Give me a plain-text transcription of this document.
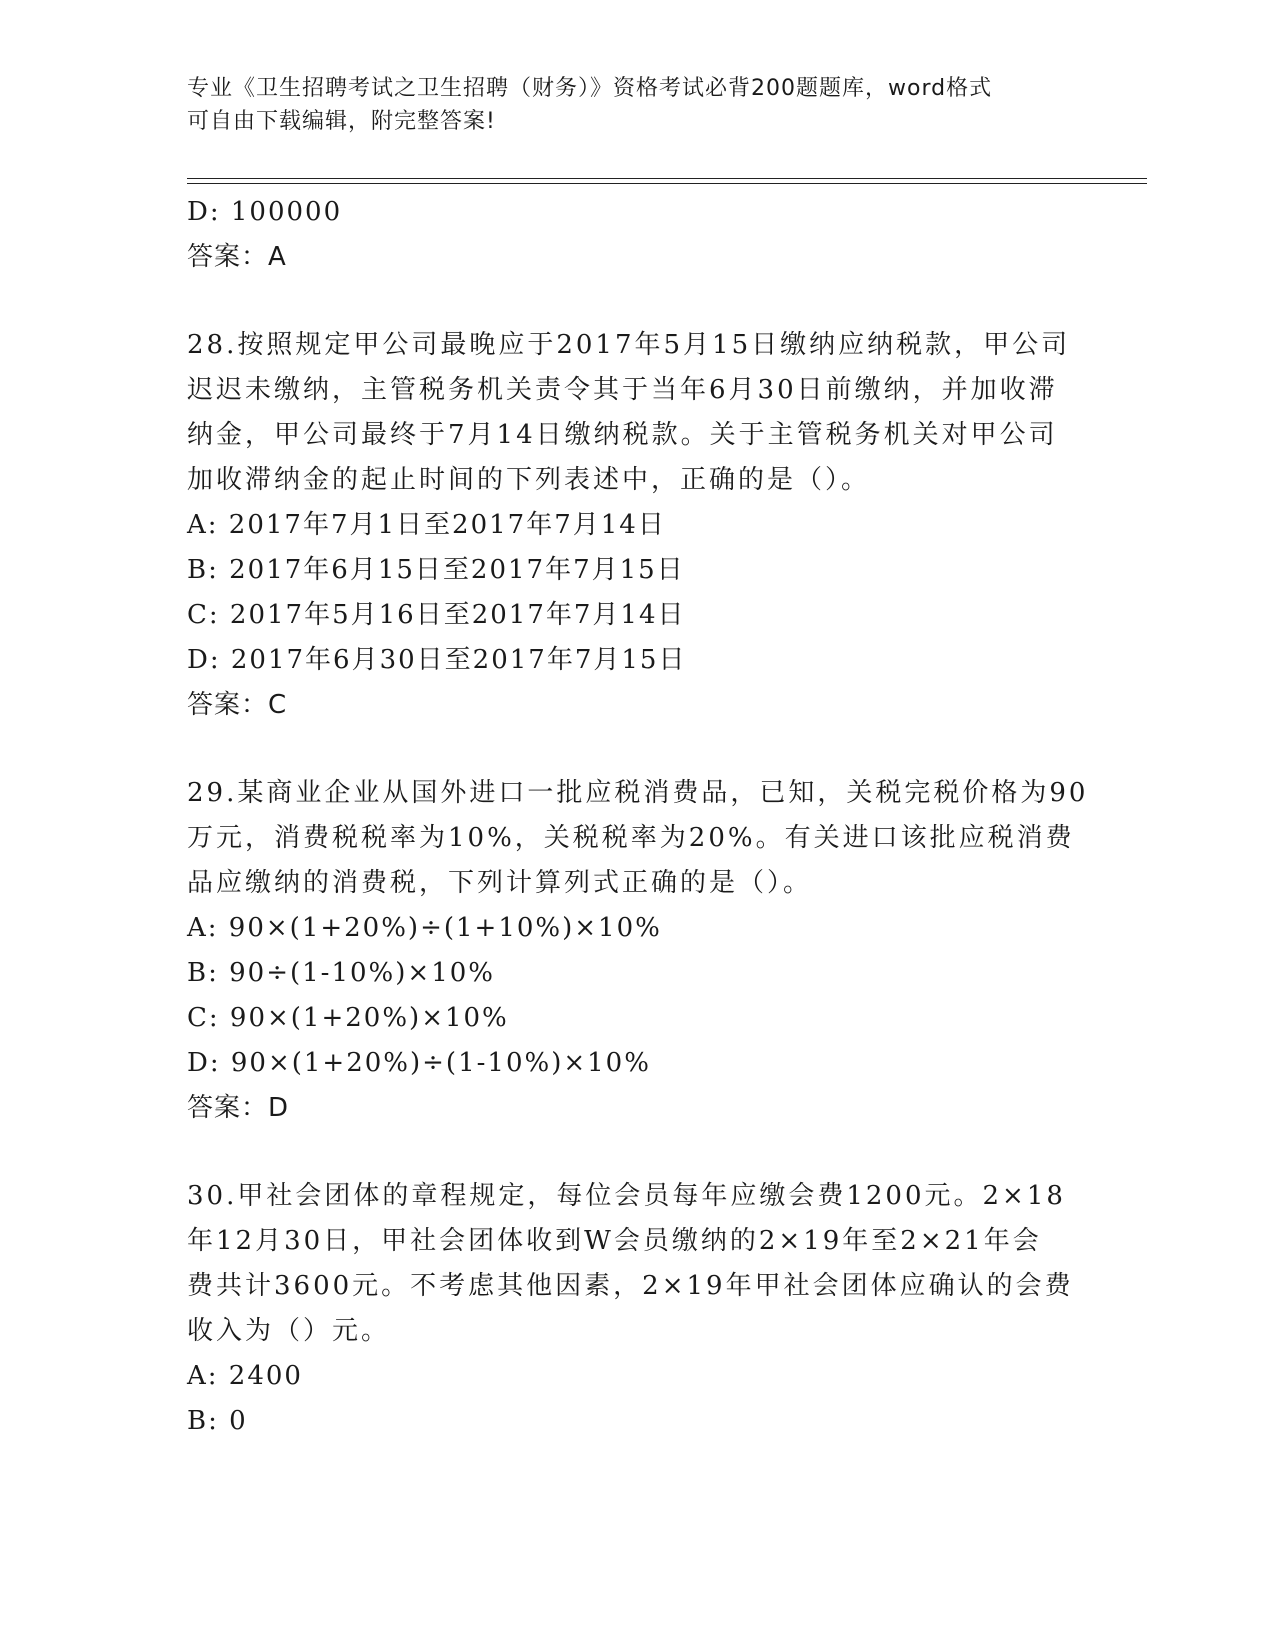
专业《卫生招聘考试之卫生招聘（财务）》资格考试必背200题题库，word格式
可自由下载编辑，附完整答案!
D: 100000
答案：A
28.按照规定甲公司最晚应于2017年5月15日缴纳应纳税款，甲公司
迟迟未缴纳，主管税务机关责令其于当年6月30日前缴纳，并加收滞
纳金，甲公司最终于7月14日缴纳税款。关于主管税务机关对甲公司
加收滞纳金的起止时间的下列表述中，正确的是（）。
A: 2017年7月1日至2017年7月14日
B: 2017年6月15日至2017年7月15日
C: 2017年5月16日至2017年7月14日
D: 2017年6月30日至2017年7月15日
答案：C
29.某商业企业从国外进口一批应税消费品，已知，关税完税价格为90
万元，消费税税率为10%，关税税率为20%。有关进口该批应税消费
品应缴纳的消费税，下列计算列式正确的是（）。
A: 90×(1+20%)÷(1+10%)×10%
B: 90÷(1-10%)×10%
C: 90×(1+20%)×10%
D: 90×(1+20%)÷(1-10%)×10%
答案：D
30.甲社会团体的章程规定，每位会员每年应缴会费1200元。2×18
年12月30日，甲社会团体收到W会员缴纳的2×19年至2×21年会
费共计3600元。不考虑其他因素，2×19年甲社会团体应确认的会费
收入为（）元。
A: 2400
B: 0
